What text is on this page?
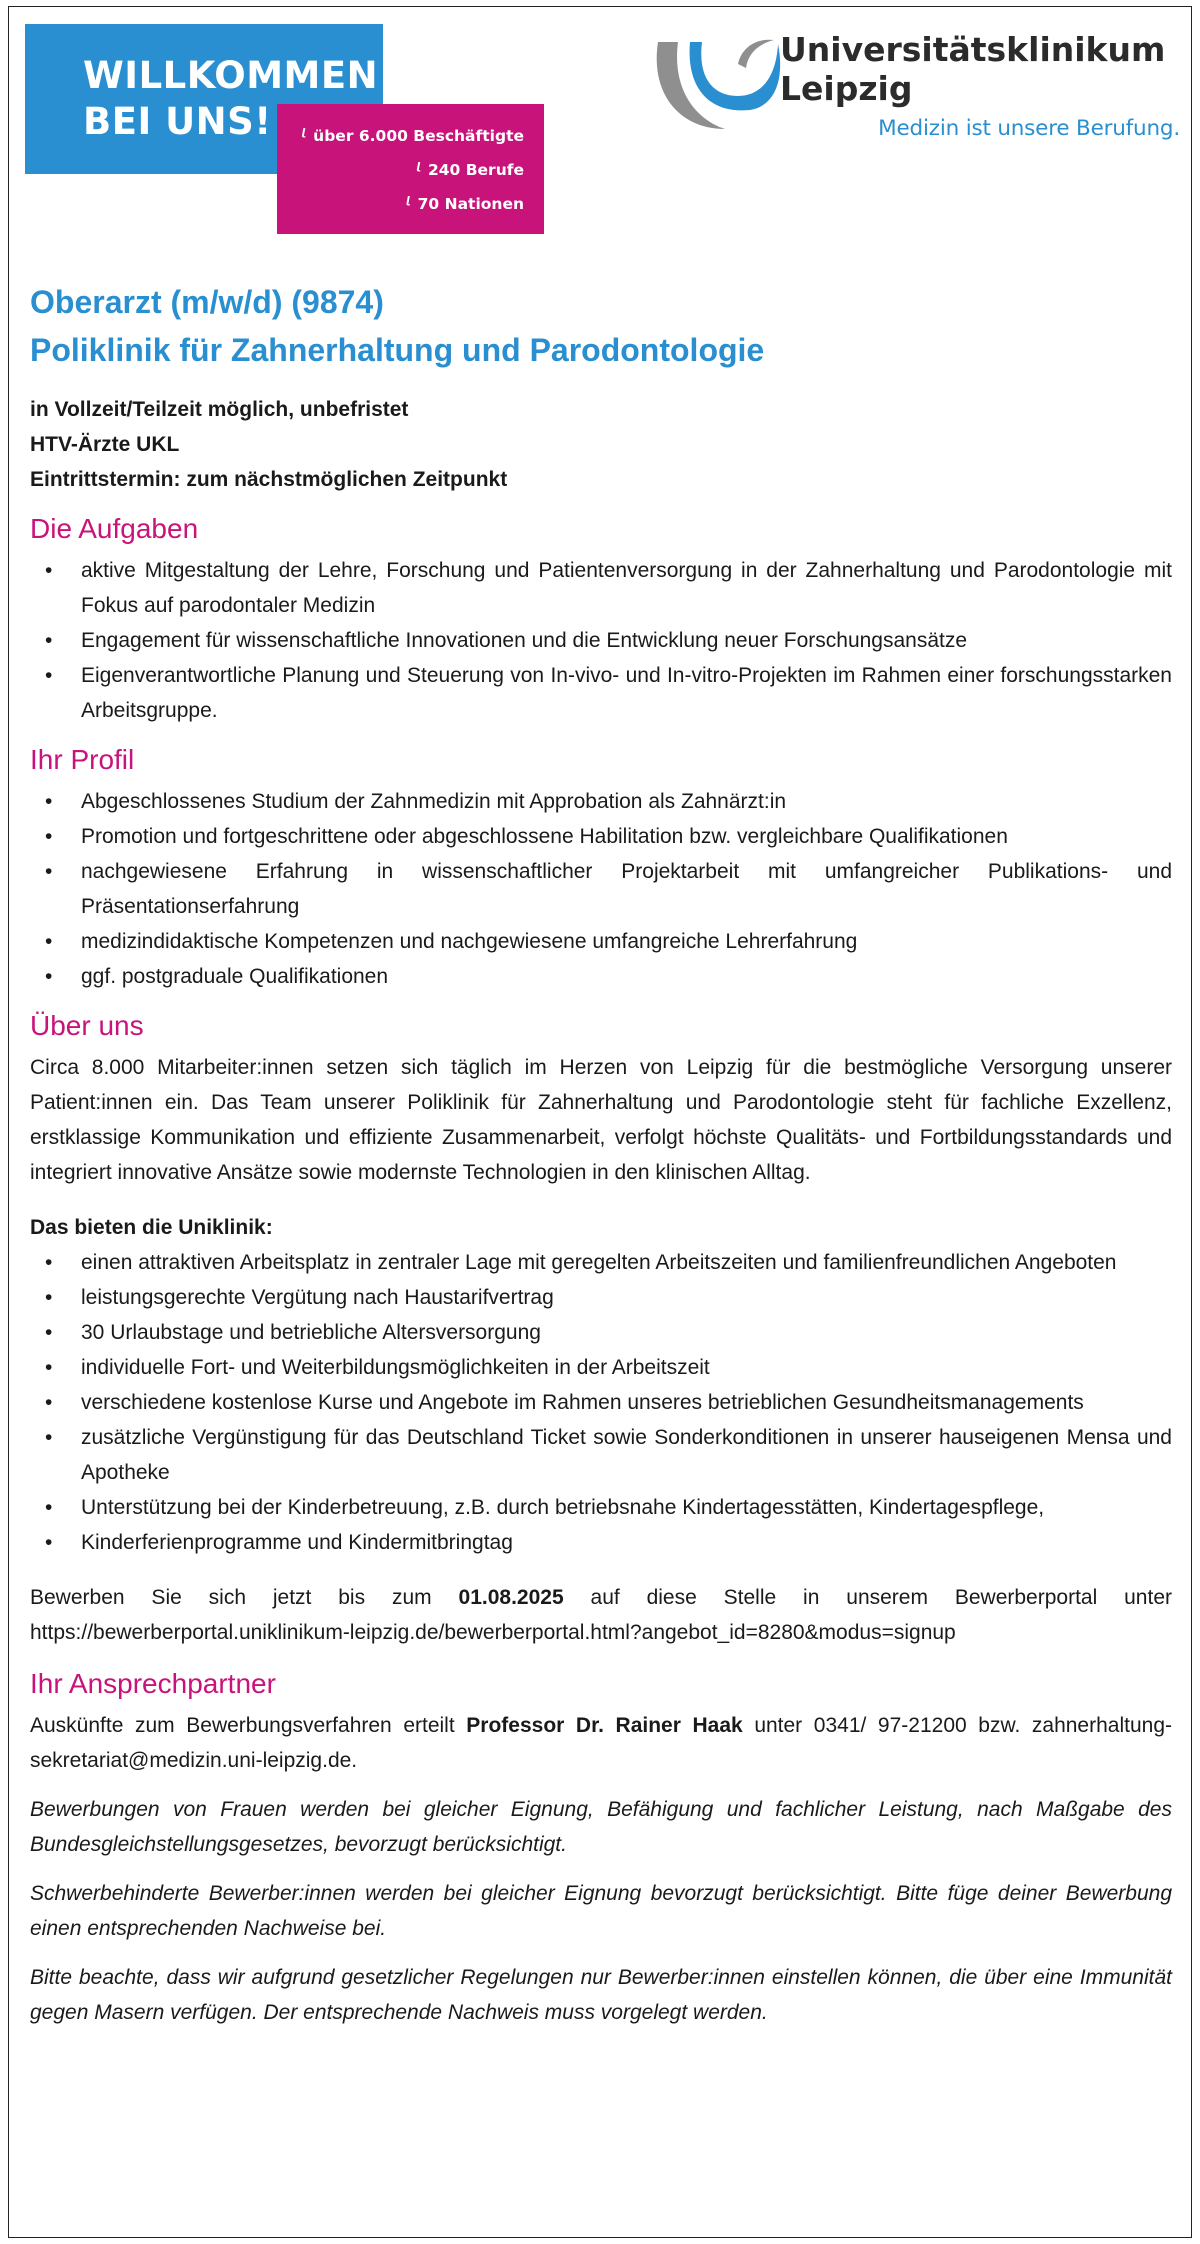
WILLKOMMEN
BEI UNS! ᶩ über 6.000 Beschäftigte
ᶩ 240 Berufe
ᶩ 70 Nationen
Universitätsklinikum
Leipzig
Medizin ist unsere Berufung.
Oberarzt (m/w/d) (9874)
Poliklinik für Zahnerhaltung und Parodontologie
in Vollzeit/Teilzeit möglich, unbefristet
HTV-Ärzte UKL
Eintrittstermin: zum nächstmöglichen Zeitpunkt
Die Aufgaben
• aktive Mitgestaltung der Lehre, Forschung und Patientenversorgung in der Zahnerhaltung und Parodontologie mit Fokus auf parodontaler Medizin
• Engagement für wissenschaftliche Innovationen und die Entwicklung neuer Forschungsansätze
• Eigenverantwortliche Planung und Steuerung von In-vivo- und In-vitro-Projekten im Rahmen einer forschungsstarken Arbeitsgruppe.
Ihr Profil
• Abgeschlossenes Studium der Zahnmedizin mit Approbation als Zahnärzt:in
• Promotion und fortgeschrittene oder abgeschlossene Habilitation bzw. vergleichbare Qualifikationen
• nachgewiesene Erfahrung in wissenschaftlicher Projektarbeit mit umfangreicher Publikations- und Präsentationserfahrung
• medizindidaktische Kompetenzen und nachgewiesene umfangreiche Lehrerfahrung
• ggf. postgraduale Qualifikationen
Über uns

Circa 8.000 Mitarbeiter:innen setzen sich täglich im Herzen von Leipzig für die bestmögliche Versorgung unserer Patient:innen ein. Das Team unserer Poliklinik für Zahnerhaltung und Parodontologie steht für fachliche Exzellenz, erstklassige Kommunikation und effiziente Zusammenarbeit, verfolgt höchste Qualitäts- und Fortbildungsstandards und integriert innovative Ansätze sowie modernste Technologien in den klinischen Alltag.

Das bieten die Uniklinik:
• einen attraktiven Arbeitsplatz in zentraler Lage mit geregelten Arbeitszeiten und familienfreundlichen Angeboten
• leistungsgerechte Vergütung nach Haustarifvertrag
• 30 Urlaubstage und betriebliche Altersversorgung
• individuelle Fort- und Weiterbildungsmöglichkeiten in der Arbeitszeit
• verschiedene kostenlose Kurse und Angebote im Rahmen unseres betrieblichen Gesundheitsmanagements
• zusätzliche Vergünstigung für das Deutschland Ticket sowie Sonderkonditionen in unserer hauseigenen Mensa und Apotheke
• Unterstützung bei der Kinderbetreuung, z.B. durch betriebsnahe Kindertagesstätten, Kindertagespflege,
• Kinderferienprogramme und Kindermitbringtag

Bewerben Sie sich jetzt bis zum 01.08.2025 auf diese Stelle in unserem Bewerberportal unter https://bewerberportal.uniklinikum-leipzig.de/bewerberportal.html?angebot_id=8280&modus=signup

Ihr Ansprechpartner

Auskünfte zum Bewerbungsverfahren erteilt Professor Dr. Rainer Haak unter 0341/ 97-21200 bzw. zahnerhaltung-sekretariat@medizin.uni-leipzig.de.

Bewerbungen von Frauen werden bei gleicher Eignung, Befähigung und fachlicher Leistung, nach Maßgabe des Bundesgleichstellungsgesetzes, bevorzugt berücksichtigt.

Schwerbehinderte Bewerber:innen werden bei gleicher Eignung bevorzugt berücksichtigt. Bitte füge deiner Bewerbung einen entsprechenden Nachweise bei.

Bitte beachte, dass wir aufgrund gesetzlicher Regelungen nur Bewerber:innen einstellen können, die über eine Immunität gegen Masern verfügen. Der entsprechende Nachweis muss vorgelegt werden.
